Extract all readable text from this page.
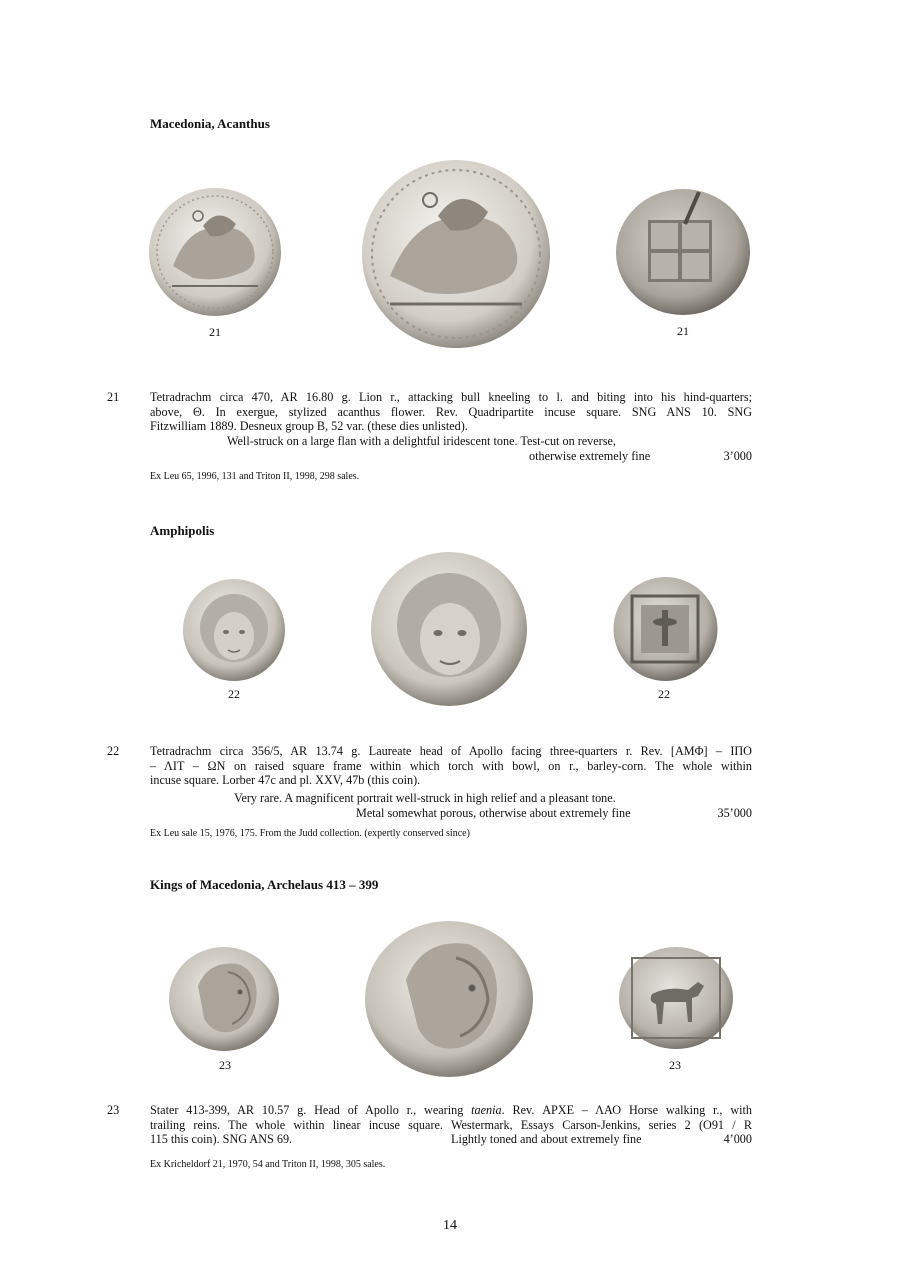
Macedonia, Acanthus
21	21
21	Tetradrachm circa 470, AR 16.80 g. Lion r., attacking bull kneeling to l. and biting into his hind-quarters;
above, Θ. In exergue, stylized acanthus flower. Rev. Quadripartite incuse square. SNG ANS 10. SNG
Fitzwilliam 1889. Desneux group B, 52 var. (these dies unlisted).
Well-struck on a large flan with a delightful iridescent tone. Test-cut on reverse,
otherwise extremely fine	3’000
Ex Leu 65, 1996, 131 and Triton II, 1998, 298 sales.
Amphipolis
22	22
22	Tetradrachm circa 356/5, AR 13.74 g. Laureate head of Apollo facing three-quarters r. Rev. [ΑΜΦ] – ΙΠΟ
– ΛΙΤ – ΩΝ on raised square frame within which torch with bowl, on r., barley-corn. The whole within
incuse square. Lorber 47c and pl. XXV, 47b (this coin).
Very rare. A magnificent portrait well-struck in high relief and a pleasant tone.
Metal somewhat porous, otherwise about extremely fine	35’000
Ex Leu sale 15, 1976, 175. From the Judd collection. (expertly conserved since)
Kings of Macedonia, Archelaus 413 – 399
23	23
23	Stater 413-399, AR 10.57 g. Head of Apollo r., wearing taenia. Rev. ΑΡΧΕ – ΛΑΟ Horse walking r., with
trailing reins. The whole within linear incuse square. Westermark, Essays Carson-Jenkins, series 2 (O91 / R
115 this coin). SNG ANS 69.	Lightly toned and about extremely fine	4’000
Ex Kricheldorf 21, 1970, 54 and Triton II, 1998, 305 sales.
14
